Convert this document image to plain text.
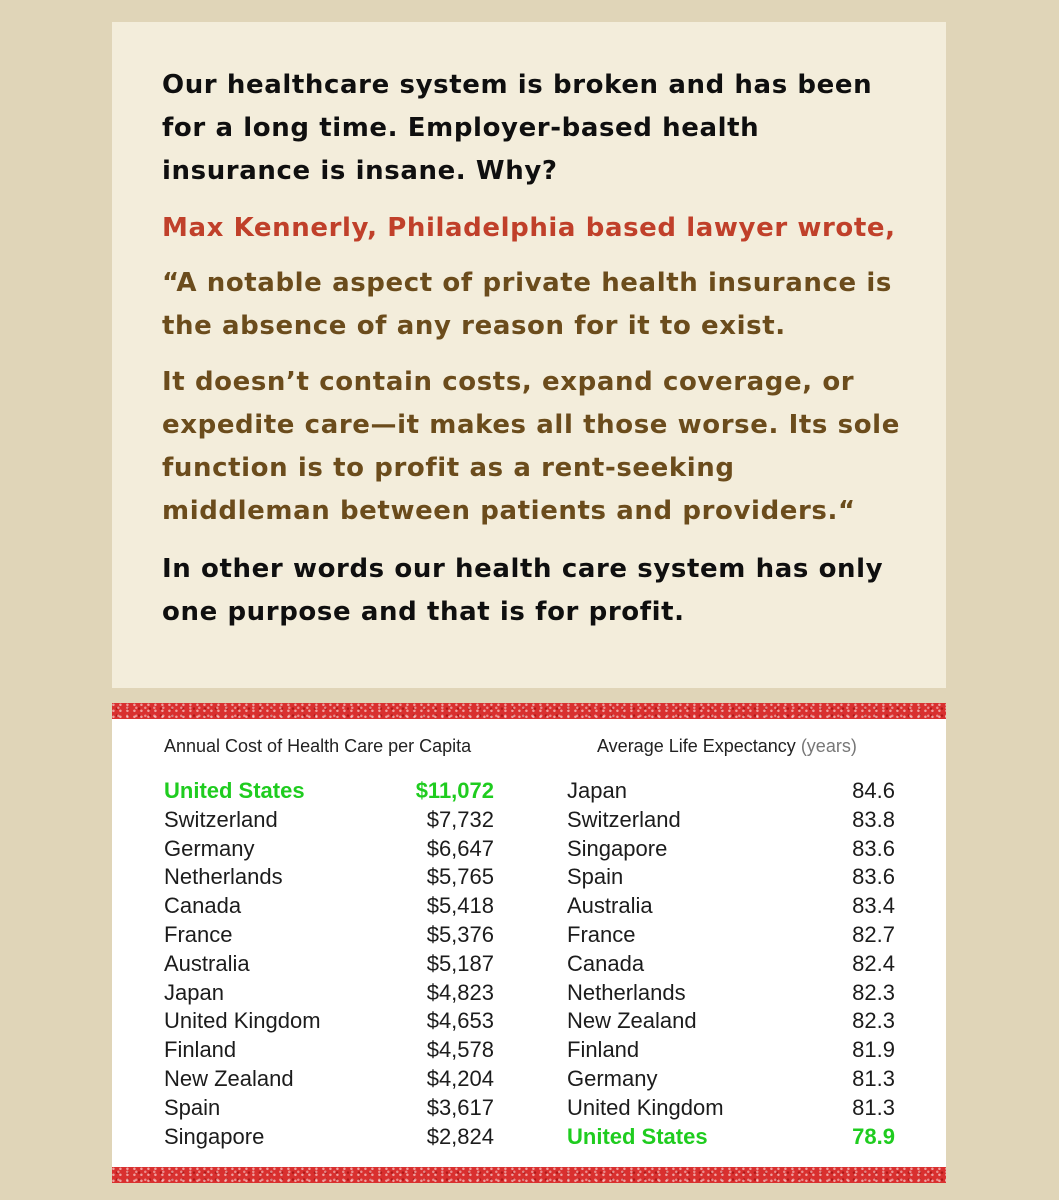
Our healthcare system is broken and has been for a long time. Employer-based health insurance is insane. Why?

Max Kennerly, Philadelphia based lawyer wrote,

“A notable aspect of private health insurance is the absence of any reason for it to exist.

It doesn’t contain costs, expand coverage, or expedite care—it makes all those worse. Its sole function is to profit as a rent-seeking middleman between patients and providers.“

In other words our health care system has only one purpose and that is for profit.

Annual Cost of Health Care per Capita
United States	$11,072
Switzerland	$7,732
Germany	$6,647
Netherlands	$5,765
Canada	$5,418
France	$5,376
Australia	$5,187
Japan	$4,823
United Kingdom	$4,653
Finland	$4,578
New Zealand	$4,204
Spain	$3,617
Singapore	$2,824
Average Life Expectancy (years)
Japan	84.6
Switzerland	83.8
Singapore	83.6
Spain	83.6
Australia	83.4
France	82.7
Canada	82.4
Netherlands	82.3
New Zealand	82.3
Finland	81.9
Germany	81.3
United Kingdom	81.3
United States	78.9
